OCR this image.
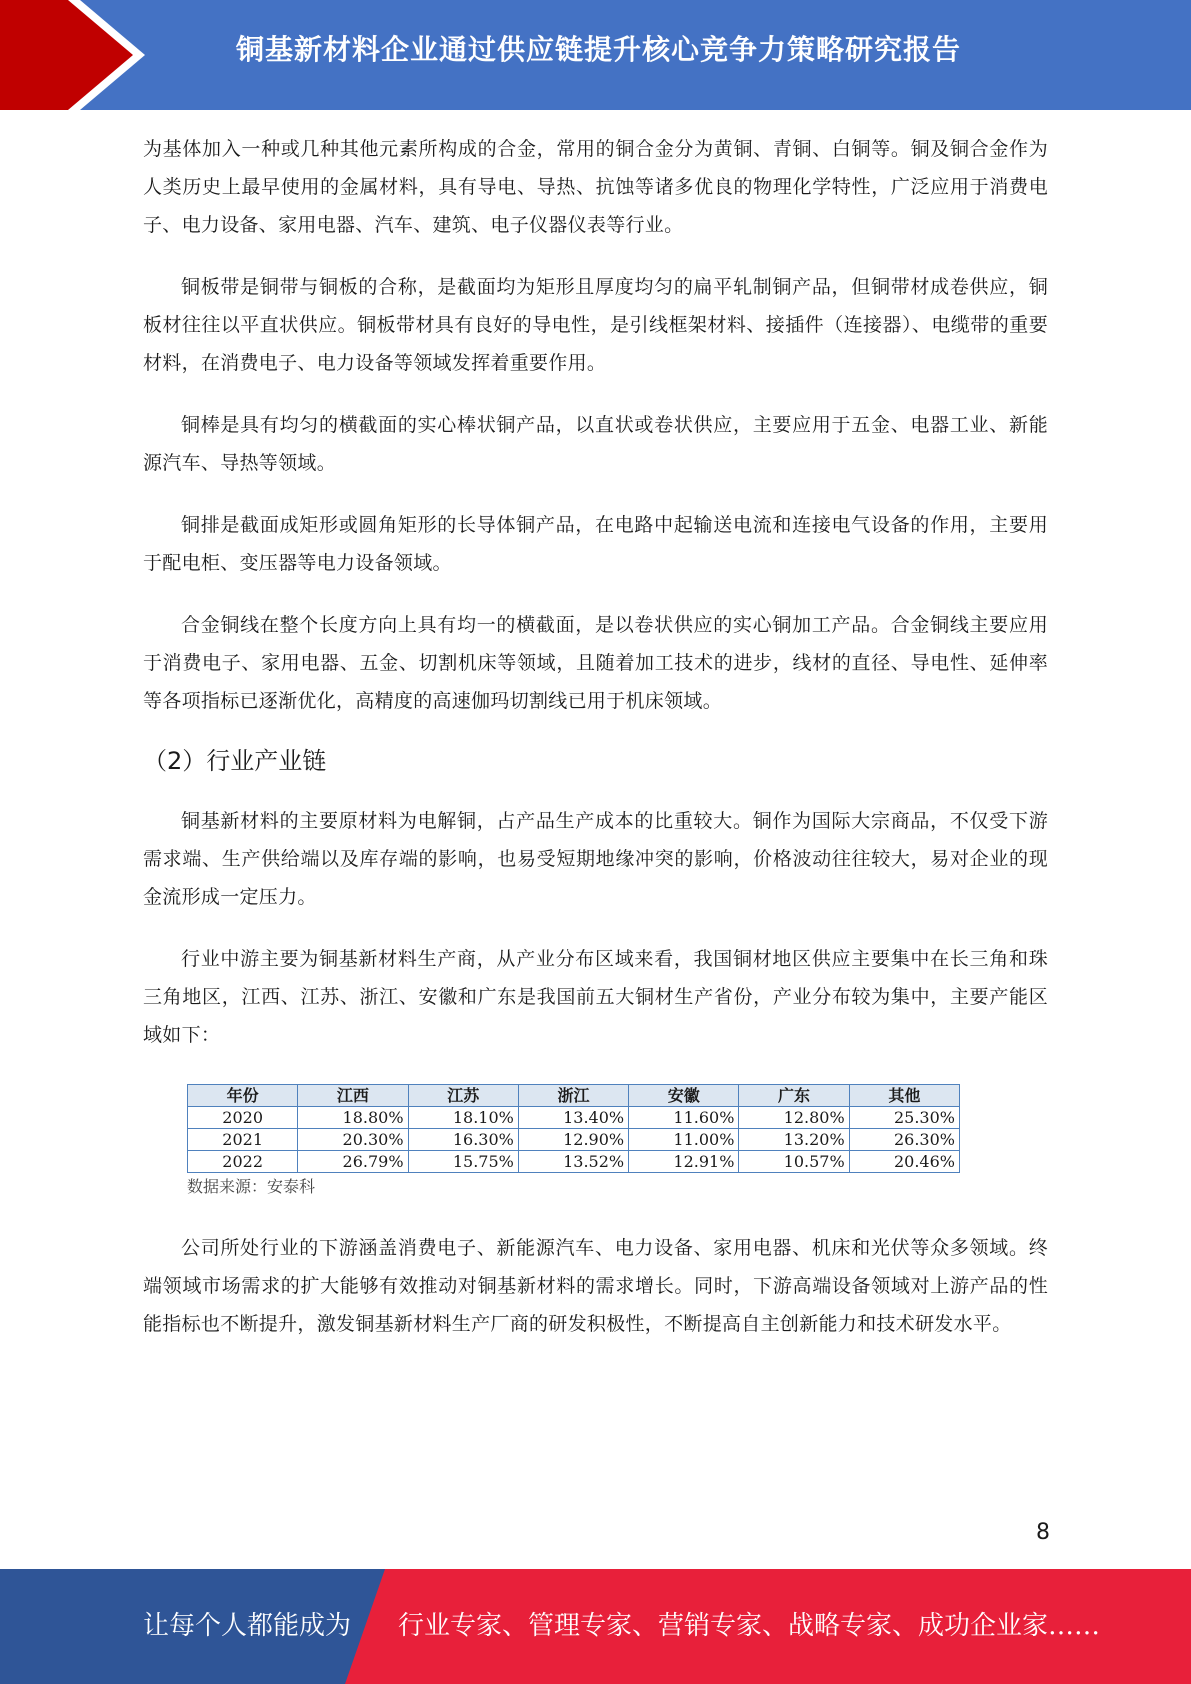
铜基新材料企业通过供应链提升核心竞争力策略研究报告

为基体加入一种或几种其他元素所构成的合金，常用的铜合金分为黄铜、青铜、白铜等。铜及铜合金作为人类历史上最早使用的金属材料，具有导电、导热、抗蚀等诸多优良的物理化学特性，广泛应用于消费电子、电力设备、家用电器、汽车、建筑、电子仪器仪表等行业。

铜板带是铜带与铜板的合称，是截面均为矩形且厚度均匀的扁平轧制铜产品，但铜带材成卷供应，铜板材往往以平直状供应。铜板带材具有良好的导电性，是引线框架材料、接插件（连接器）、电缆带的重要材料，在消费电子、电力设备等领域发挥着重要作用。

铜棒是具有均匀的横截面的实心棒状铜产品，以直状或卷状供应，主要应用于五金、电器工业、新能源汽车、导热等领域。

铜排是截面成矩形或圆角矩形的长导体铜产品，在电路中起输送电流和连接电气设备的作用，主要用于配电柜、变压器等电力设备领域。

合金铜线在整个长度方向上具有均一的横截面，是以卷状供应的实心铜加工产品。合金铜线主要应用于消费电子、家用电器、五金、切割机床等领域，且随着加工技术的进步，线材的直径、导电性、延伸率等各项指标已逐渐优化，高精度的高速伽玛切割线已用于机床领域。

（2）行业产业链

铜基新材料的主要原材料为电解铜，占产品生产成本的比重较大。铜作为国际大宗商品，不仅受下游需求端、生产供给端以及库存端的影响，也易受短期地缘冲突的影响，价格波动往往较大，易对企业的现金流形成一定压力。

行业中游主要为铜基新材料生产商，从产业分布区域来看，我国铜材地区供应主要集中在长三角和珠三角地区，江西、江苏、浙江、安徽和广东是我国前五大铜材生产省份，产业分布较为集中，主要产能区域如下：

年份	江西	江苏	浙江	安徽	广东	其他
2020	18.80%	18.10%	13.40%	11.60%	12.80%	25.30%
2021	20.30%	16.30%	12.90%	11.00%	13.20%	26.30%
2022	26.79%	15.75%	13.52%	12.91%	10.57%	20.46%
数据来源：安泰科

公司所处行业的下游涵盖消费电子、新能源汽车、电力设备、家用电器、机床和光伏等众多领域。终端领域市场需求的扩大能够有效推动对铜基新材料的需求增长。同时，下游高端设备领域对上游产品的性能指标也不断提升，激发铜基新材料生产厂商的研发积极性，不断提高自主创新能力和技术研发水平。

8
让每个人都能成为 行业专家、管理专家、营销专家、战略专家、成功企业家……
